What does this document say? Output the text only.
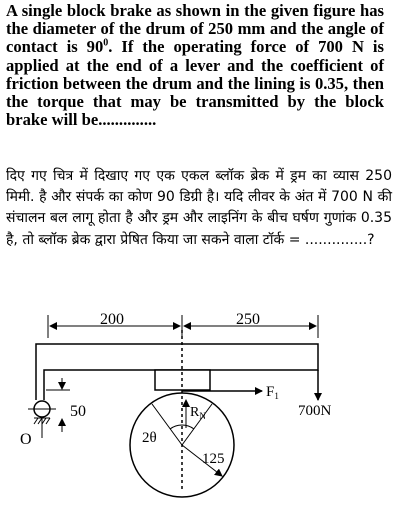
A single block brake as shown in the given figure has the diameter of the drum of 250 mm and the angle of contact is $90^0$. If the operating force of 700 N is applied at the end of a lever and the coefficient of friction between the drum and the lining is 0.35, then the torque that may be transmitted by the block brake will be..............
दिए गए चित्र में दिखाए गए एक एकल ब्लॉक ब्रेक में ड्रम का व्यास 250 मिमी. है और संपर्क का कोण 90 डिग्री है। यदि लीवर के अंत में 700 N की संचालन बल लागू होता है और ड्रम और लाइनिंग के बीच घर्षण गुणांक 0.35 है, तो ब्लॉक ब्रेक द्वारा प्रेषित किया जा सकने वाला टॉर्क = ..............?
200	250
700N
$F_1$
2θ
$R_N$
125
50
O
